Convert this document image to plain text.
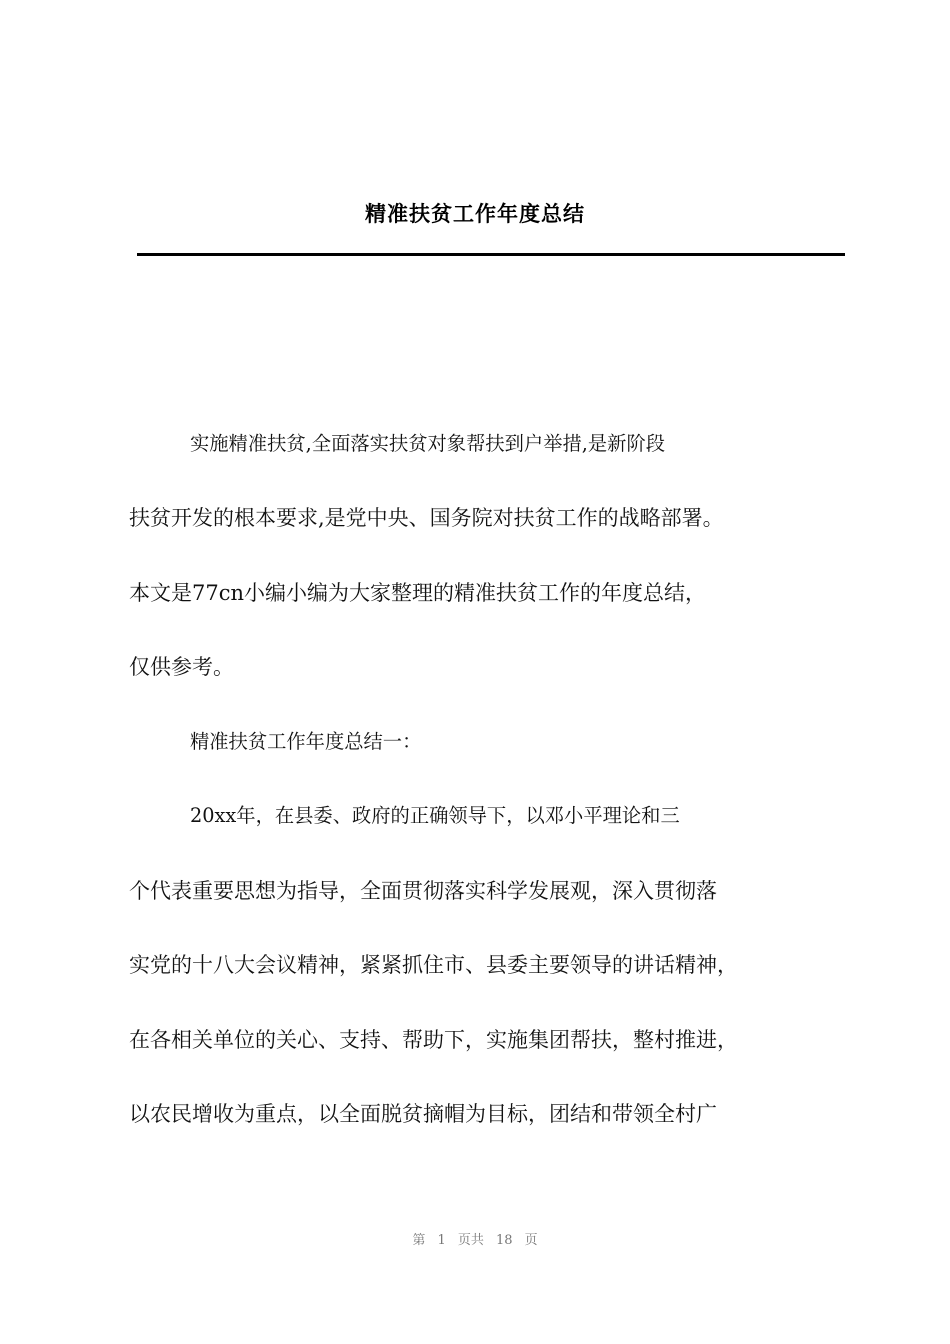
精准扶贫工作年度总结
实施精准扶贫,全面落实扶贫对象帮扶到户举措,是新阶段
扶贫开发的根本要求,是党中央、国务院对扶贫工作的战略部署。
本文是77cn小编小编为大家整理的精准扶贫工作的年度总结，
仅供参考。
精准扶贫工作年度总结一：
20xx年，在县委、政府的正确领导下，以邓小平理论和三
个代表重要思想为指导，全面贯彻落实科学发展观，深入贯彻落
实党的十八大会议精神，紧紧抓住市、县委主要领导的讲话精神，
在各相关单位的关心、支持、帮助下，实施集团帮扶，整村推进，
以农民增收为重点，以全面脱贫摘帽为目标，团结和带领全村广
第 1 页共 18 页
